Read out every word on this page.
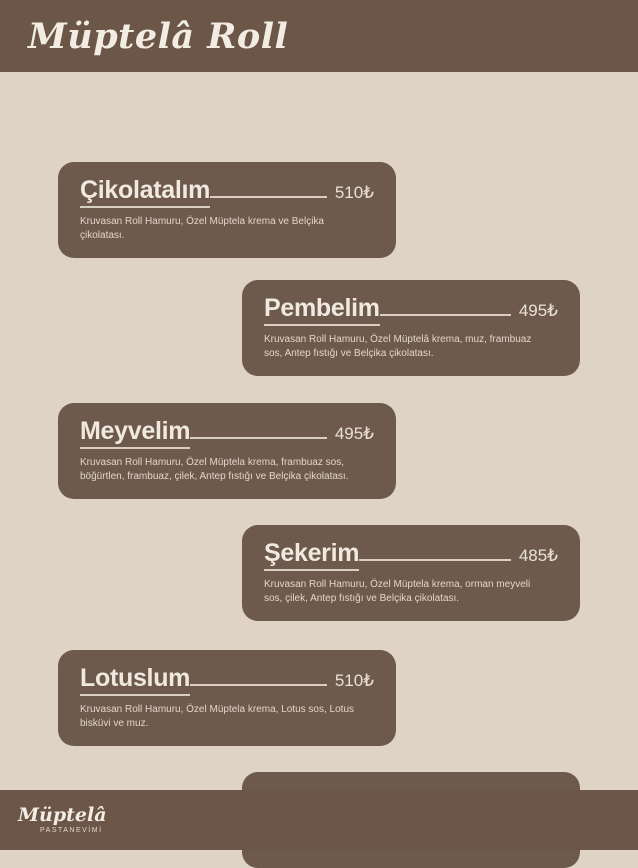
Müptelâ Roll
Çikolatalım	510₺
Kruvasan Roll Hamuru, Özel Müptela krema ve Belçika çikolatası.
Pembelim	495₺
Kruvasan Roll Hamuru, Özel Müptelâ krema, muz, frambuaz sos, Antep fıstığı ve Belçika çikolatası.
Meyvelim	495₺
Kruvasan Roll Hamuru, Özel Müptela krema, frambuaz sos, böğürtlen, frambuaz, çilek, Antep fıstığı ve Belçika çikolatası.
Şekerim	485₺
Kruvasan Roll Hamuru, Özel Müptela krema, orman meyveli sos, çilek, Antep fıstığı ve Belçika çikolatası.
Lotuslum	510₺
Kruvasan Roll Hamuru, Özel Müptela krema, Lotus sos, Lotus bisküvi ve muz.
Müptelâ
PASTANEVİMİ
